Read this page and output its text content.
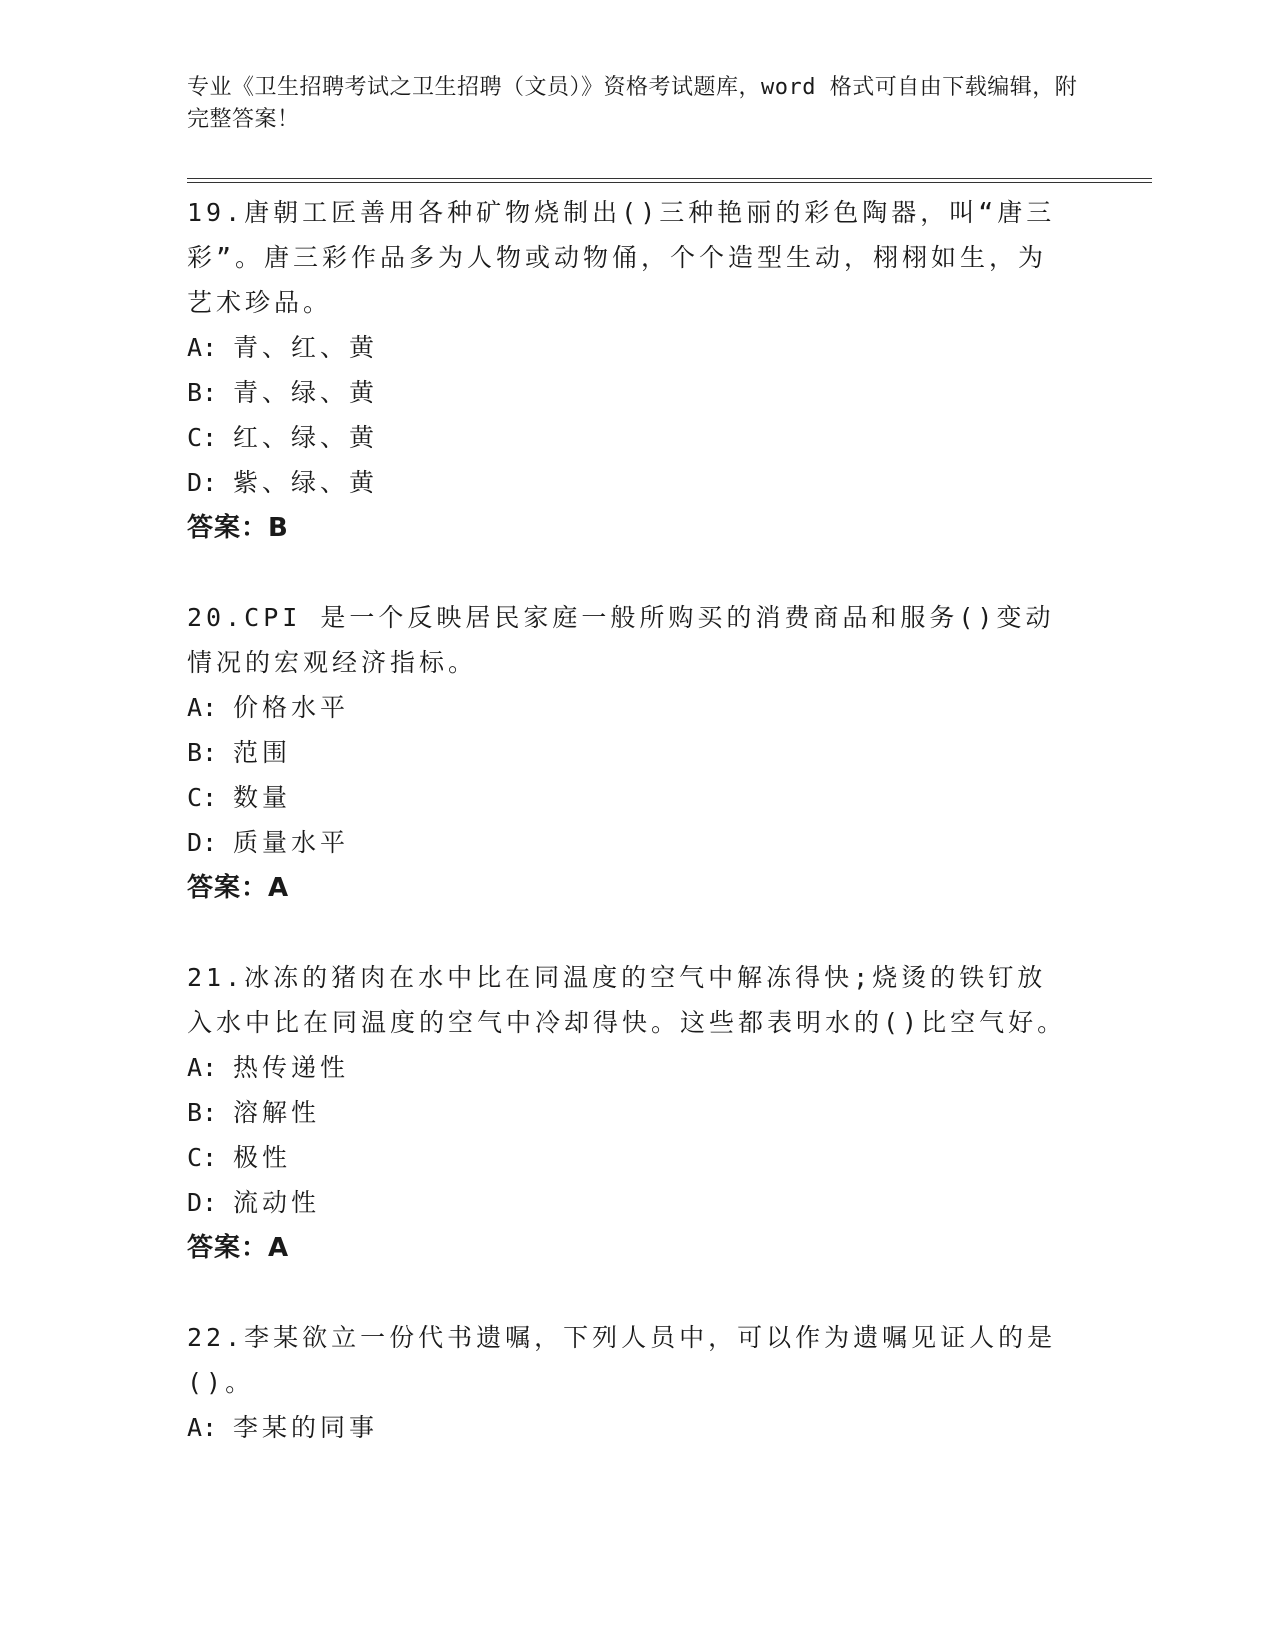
专业《卫生招聘考试之卫生招聘（文员）》资格考试题库，word 格式可自由下载编辑，附完整答案！
19.唐朝工匠善用各种矿物烧制出()三种艳丽的彩色陶器，叫“唐三彩”。唐三彩作品多为人物或动物俑，个个造型生动，栩栩如生，为艺术珍品。
A: 青、红、黄
B: 青、绿、黄
C: 红、绿、黄
D: 紫、绿、黄
答案：B
20.CPI 是一个反映居民家庭一般所购买的消费商品和服务()变动情况的宏观经济指标。
A: 价格水平
B: 范围
C: 数量
D: 质量水平
答案：A
21.冰冻的猪肉在水中比在同温度的空气中解冻得快;烧烫的铁钉放入水中比在同温度的空气中冷却得快。这些都表明水的()比空气好。
A: 热传递性
B: 溶解性
C: 极性
D: 流动性
答案：A
22.李某欲立一份代书遗嘱，下列人员中，可以作为遗嘱见证人的是()。
A: 李某的同事
